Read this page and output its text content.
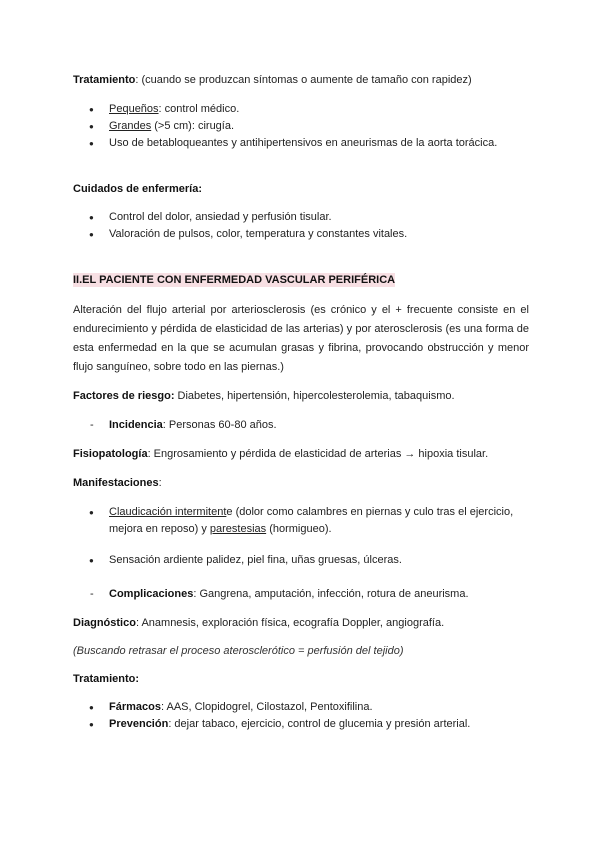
Tratamiento: (cuando se produzcan síntomas o aumente de tamaño con rapidez)

● Pequeños: control médico.
● Grandes (>5 cm): cirugía.
● Uso de betabloqueantes y antihipertensivos en aneurismas de la aorta torácica.

Cuidados de enfermería:

● Control del dolor, ansiedad y perfusión tisular.
● Valoración de pulsos, color, temperatura y constantes vitales.

II.EL PACIENTE CON ENFERMEDAD VASCULAR PERIFÉRICA

Alteración del flujo arterial por arteriosclerosis (es crónico y el + frecuente consiste en el endurecimiento y pérdida de elasticidad de las arterias) y por aterosclerosis (es una forma de esta enfermedad en la que se acumulan grasas y fibrina, provocando obstrucción y menor flujo sanguíneo, sobre todo en las piernas.)

Factores de riesgo: Diabetes, hipertensión, hipercolesterolemia, tabaquismo.

- Incidencia: Personas 60-80 años.

Fisiopatología: Engrosamiento y pérdida de elasticidad de arterias → hipoxia tisular.

Manifestaciones:

● Claudicación intermitente (dolor como calambres en piernas y culo tras el ejercicio, mejora en reposo) y parestesias (hormigueo).
● Sensación ardiente palidez, piel fina, uñas gruesas, úlceras.
- Complicaciones: Gangrena, amputación, infección, rotura de aneurisma.

Diagnóstico: Anamnesis, exploración física, ecografía Doppler, angiografía.

(Buscando retrasar el proceso aterosclerótico = perfusión del tejido)

Tratamiento:

● Fármacos: AAS, Clopidogrel, Cilostazol, Pentoxifilina.
● Prevención: dejar tabaco, ejercicio, control de glucemia y presión arterial.
